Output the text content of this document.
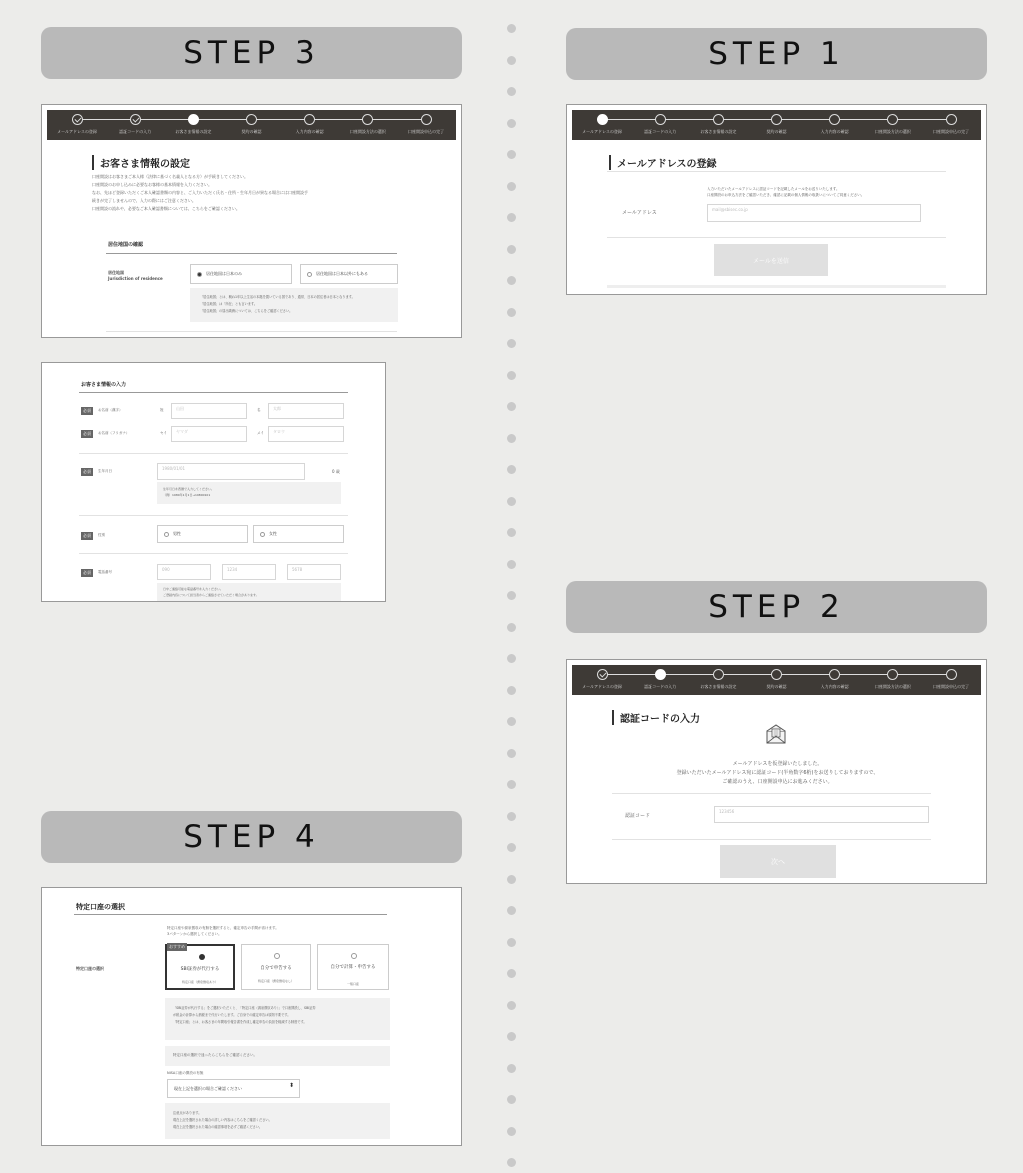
STEP 3	STEP 1
STEP 2
STEP 4
メールアドレスの登録	認証コードの入力	お客さま情報の設定	契約の確認	入力内容の確認	口座開設方法の選択	口座開設申込の完了
メールアドレスの登録
入力いただいたメールアドレスに認証コードを記載したメールをお送りいたします。
口座開設のお申込方法をご確認いただき、確認に記載の個人情報の取扱いについてご同意ください。
メールアドレス
mail@sbisec.co.jp
メールを送信
メールアドレスの登録	認証コードの入力	お客さま情報の設定	契約の確認	入力内容の確認	口座開設方法の選択	口座開設申込の完了
認証コードの入力
メールアドレスを仮登録いたしました。
登録いただいたメールアドレス宛に認証コード(半角数字6桁)をお送りしておりますので、
ご確認のうえ、口座開設申込にお進みください。
認証コード
123456
次へ
メールアドレスの登録	認証コードの入力	お客さま情報の設定	契約の確認	入力内容の確認	口座開設方法の選択	口座開設申込の完了
お客さま情報の設定
口座開設はお客さまご本人様（法律に基づく名義人となる方）が手続きしてください。
口座開設のお申し込みに必要なお客様の基本情報を入力ください。
なお、先ほど登録いただくご本人確認書類の内容と、ご入力いただく氏名・住所・生年月日が異なる場合には口座開設手
続きが完了しませんので、入力の際にはご注意ください。
口座開設の流れや、必要なご本人確認書類については、こちらをご確認ください。
居住地国の確認
居住地国
Jurisdiction of residence
居住地国は日本のみ	居住地国は日本以外にもある
「居住地国」とは、概ね1年以上生活の本拠を置いている国であり、通常、日本の居住者は日本となります。
「居住地国」は「所在」とも言います。
「居住地国」の届出義務については、こちらをご確認ください。
お客さま情報の入力
必須	お名前（漢字）	姓	山田	名	太郎
必須	お名前（フリガナ）	セイ	ヤマダ	メイ	タロウ
必須	生年月日	1980/01/01
0 歳
生年月日を西暦で入力してください。
（例）1980年1月1日→19800101
必須	性別	男性	女性
必須	電話番号	090	1234	5678
日中ご連絡可能な電話番号を入力ください。
ご登録内容について担当者からご連絡させていただく場合があります。
特定口座の選択
特定口座や源泉徴収の有無を選択すると、確定申告の手間が省けます。
3パターンから選択してください。
特定口座の選択
おすすめ
SBI証券が代行する
特定口座（源泉徴収あり）
自分で申告する
特定口座（源泉徴収なし）
自分で計算・申告する
一般口座
「SBI証券が代行する」をご選択いただくと、「特定口座（源泉徴収あり）」で口座開設し、SBI証券
が税金の計算から納税まで代行いたします。ご自身での確定申告は原則不要です。
「特定口座」とは、お客さまの年間取引報告書を作成し確定申告の負担を軽減する制度です。
特定口座の選択で迷ったらこちらをご確認ください。
NISA口座の開設の有無
現在上記を選択の場合ご確認ください	⬍
注意点があります。
現在上記を選択された場合の詳しい内容はこちらをご確認ください。
現在上記を選択された場合の確認事項を必ずご確認ください。
